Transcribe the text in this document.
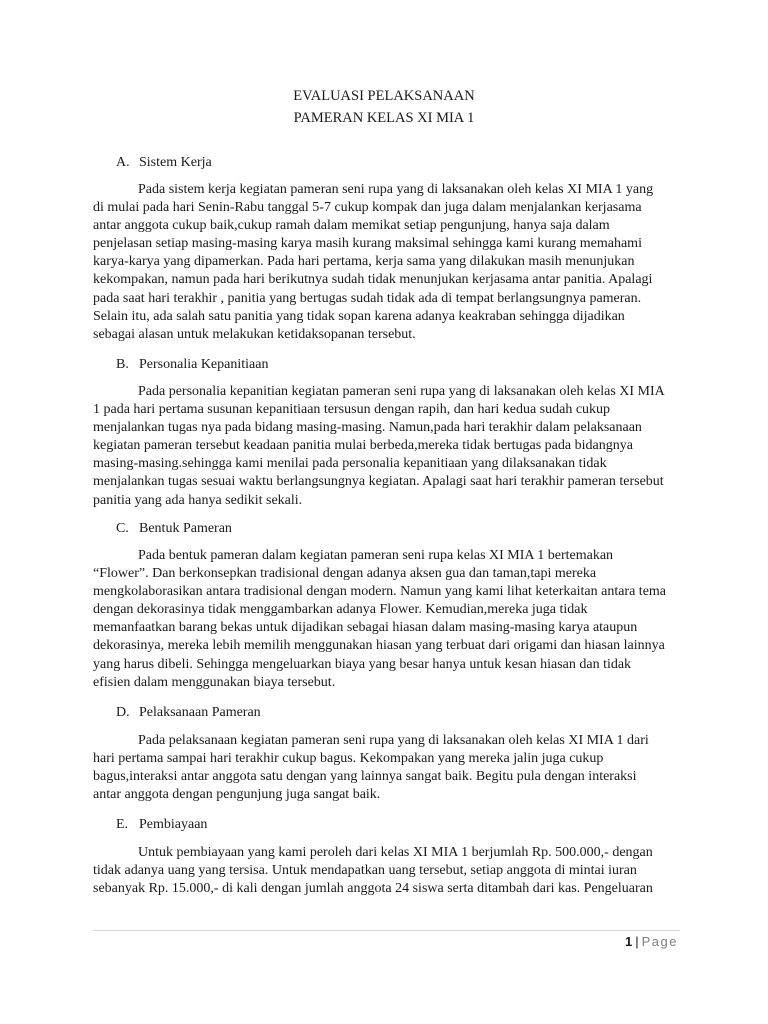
EVALUASI PELAKSANAAN
PAMERAN KELAS XI MIA 1
A. Sistem Kerja
Pada sistem kerja kegiatan pameran seni rupa yang di laksanakan oleh kelas XI MIA 1 yang
di mulai pada hari Senin-Rabu tanggal 5-7 cukup kompak dan juga dalam menjalankan kerjasama
antar anggota cukup baik,cukup ramah dalam memikat setiap pengunjung, hanya saja dalam
penjelasan setiap masing-masing karya masih kurang maksimal sehingga kami kurang memahami
karya-karya yang dipamerkan. Pada hari pertama, kerja sama yang dilakukan masih menunjukan
kekompakan, namun pada hari berikutnya sudah tidak menunjukan kerjasama antar panitia. Apalagi
pada saat hari terakhir , panitia yang bertugas sudah tidak ada di tempat berlangsungnya pameran.
Selain itu, ada salah satu panitia yang tidak sopan karena adanya keakraban sehingga dijadikan
sebagai alasan untuk melakukan ketidaksopanan tersebut.
B. Personalia Kepanitiaan
Pada personalia kepanitian kegiatan pameran seni rupa yang di laksanakan oleh kelas XI MIA
1 pada hari pertama susunan kepanitiaan tersusun dengan rapih, dan hari kedua sudah cukup
menjalankan tugas nya pada bidang masing-masing. Namun,pada hari terakhir dalam pelaksanaan
kegiatan pameran tersebut keadaan panitia mulai berbeda,mereka tidak bertugas pada bidangnya
masing-masing.sehingga kami menilai pada personalia kepanitiaan yang dilaksanakan tidak
menjalankan tugas sesuai waktu berlangsungnya kegiatan. Apalagi saat hari terakhir pameran tersebut
panitia yang ada hanya sedikit sekali.
C. Bentuk Pameran
Pada bentuk pameran dalam kegiatan pameran seni rupa kelas XI MIA 1 bertemakan
“Flower”. Dan berkonsepkan tradisional dengan adanya aksen gua dan taman,tapi mereka
mengkolaborasikan antara tradisional dengan modern. Namun yang kami lihat keterkaitan antara tema
dengan dekorasinya tidak menggambarkan adanya Flower. Kemudian,mereka juga tidak
memanfaatkan barang bekas untuk dijadikan sebagai hiasan dalam masing-masing karya ataupun
dekorasinya, mereka lebih memilih menggunakan hiasan yang terbuat dari origami dan hiasan lainnya
yang harus dibeli. Sehingga mengeluarkan biaya yang besar hanya untuk kesan hiasan dan tidak
efisien dalam menggunakan biaya tersebut.
D. Pelaksanaan Pameran
Pada pelaksanaan kegiatan pameran seni rupa yang di laksanakan oleh kelas XI MIA 1 dari
hari pertama sampai hari terakhir cukup bagus. Kekompakan yang mereka jalin juga cukup
bagus,interaksi antar anggota satu dengan yang lainnya sangat baik. Begitu pula dengan interaksi
antar anggota dengan pengunjung juga sangat baik.
E. Pembiayaan
Untuk pembiayaan yang kami peroleh dari kelas XI MIA 1 berjumlah Rp. 500.000,- dengan
tidak adanya uang yang tersisa. Untuk mendapatkan uang tersebut, setiap anggota di mintai iuran
sebanyak Rp. 15.000,- di kali dengan jumlah anggota 24 siswa serta ditambah dari kas. Pengeluaran
1 | Page
